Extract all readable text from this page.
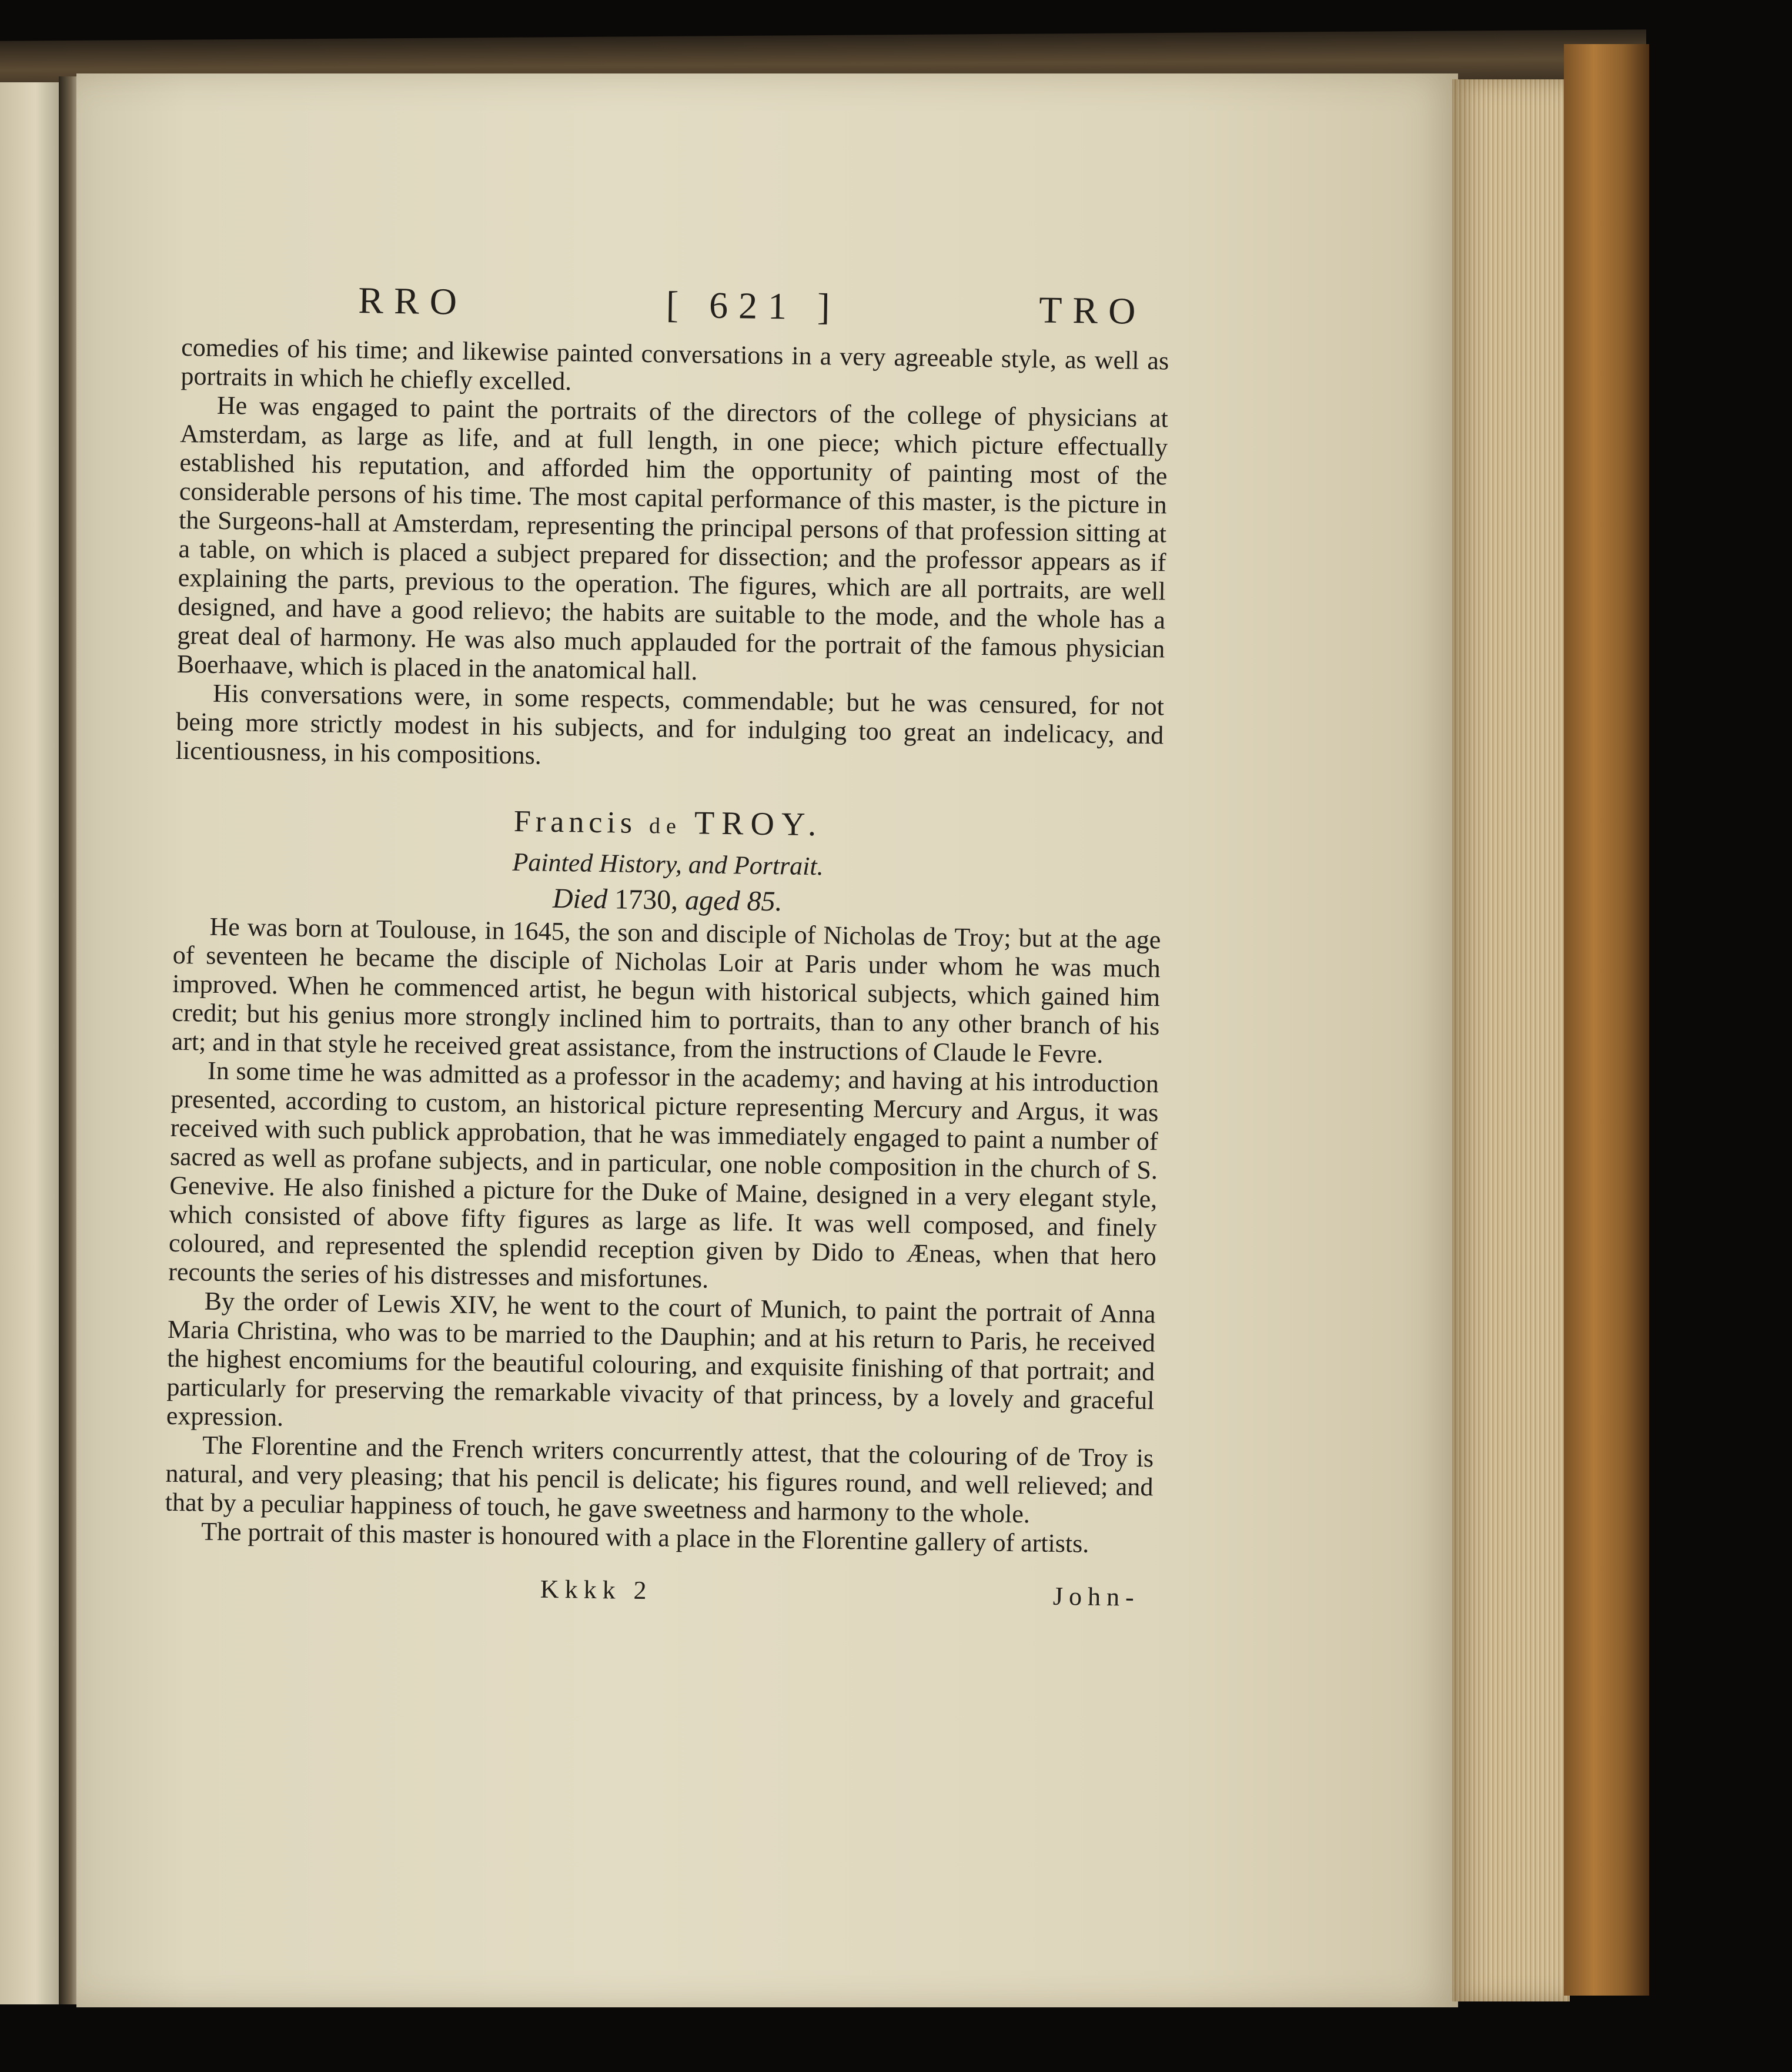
RRO	[ 621 ]	TRO

comedies of his time; and likewise painted conversations in a very agreeable style, as well as portraits in which he chiefly excelled.

He was engaged to paint the portraits of the directors of the college of physicians at Amsterdam, as large as life, and at full length, in one piece; which picture effectually established his reputation, and afforded him the opportunity of painting most of the considerable persons of his time. The most capital performance of this master, is the picture in the Surgeons-hall at Amsterdam, representing the principal persons of that profession sitting at a table, on which is placed a subject prepared for dissection; and the professor appears as if explaining the parts, previous to the operation. The figures, which are all portraits, are well designed, and have a good relievo; the habits are suitable to the mode, and the whole has a great deal of harmony. He was also much applauded for the portrait of the famous physician Boerhaave, which is placed in the anatomical hall.

His conversations were, in some respects, commendable; but he was censured, for not being more strictly modest in his subjects, and for indulging too great an indelicacy, and licentiousness, in his compositions.

Francis de TROY.
Painted History, and Portrait.
Died 1730, aged 85.

He was born at Toulouse, in 1645, the son and disciple of Nicholas de Troy; but at the age of seventeen he became the disciple of Nicholas Loir at Paris under whom he was much improved. When he commenced artist, he begun with historical subjects, which gained him credit; but his genius more strongly inclined him to portraits, than to any other branch of his art; and in that style he received great assistance, from the instructions of Claude le Fevre.

In some time he was admitted as a professor in the academy; and having at his introduction presented, according to custom, an historical picture representing Mercury and Argus, it was received with such publick approbation, that he was immediately engaged to paint a number of sacred as well as profane subjects, and in particular, one noble composition in the church of S. Genevive. He also finished a picture for the Duke of Maine, designed in a very elegant style, which consisted of above fifty figures as large as life. It was well composed, and finely coloured, and represented the splendid reception given by Dido to Æneas, when that hero recounts the series of his distresses and misfortunes.

By the order of Lewis XIV, he went to the court of Munich, to paint the portrait of Anna Maria Christina, who was to be married to the Dauphin; and at his return to Paris, he received the highest encomiums for the beautiful colouring, and exquisite finishing of that portrait; and particularly for preserving the remarkable vivacity of that princess, by a lovely and graceful expression.

The Florentine and the French writers concurrently attest, that the colouring of de Troy is natural, and very pleasing; that his pencil is delicate; his figures round, and well relieved; and that by a peculiar happiness of touch, he gave sweetness and harmony to the whole.

The portrait of this master is honoured with a place in the Florentine gallery of artists.

Kkkk 2	John-
